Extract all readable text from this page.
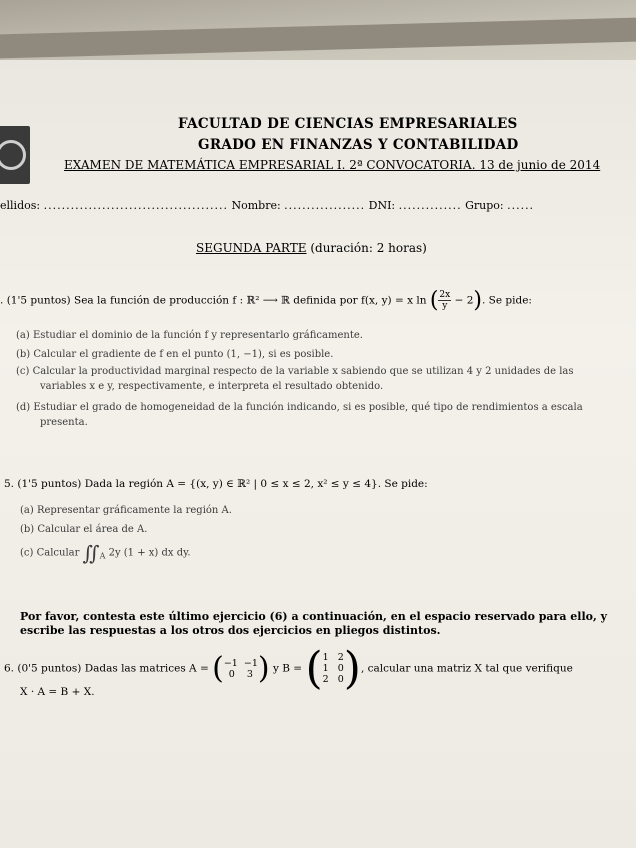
FACULTAD DE CIENCIAS EMPRESARIALES
GRADO EN FINANZAS Y CONTABILIDAD
EXAMEN DE MATEMÁTICA EMPRESARIAL I. 2ª CONVOCATORIA. 13 de junio de 2014
ellidos: ......................................... Nombre: .................. DNI: .............. Grupo: ......
SEGUNDA PARTE (duración: 2 horas)
. (1'5 puntos) Sea la función de producción f : ℝ² ⟶ ℝ definida por f(x, y) = x ln ( $\frac{2x}{y} - 2$). Se pide:
(a) Estudiar el dominio de la función f y representarlo gráficamente.
(b) Calcular el gradiente de f en el punto (1, −1), si es posible.
(c) Calcular la productividad marginal respecto de la variable x sabiendo que se utilizan 4 y 2 unidades de las
variables x e y, respectivamente, e interpreta el resultado obtenido.
(d) Estudiar el grado de homogeneidad de la función indicando, si es posible, qué tipo de rendimientos a escala
presenta.
5. (1'5 puntos) Dada la región A = {(x, y) ∈ ℝ² | 0 ≤ x ≤ 2, x² ≤ y ≤ 4}. Se pide:
(a) Representar gráficamente la región A.
(b) Calcular el área de A.
(c) Calcular $∬_A$ 2y (1 + x) dx dy.
Por favor, contesta este último ejercicio (6) a continuación, en el espacio reservado para ello, y
escribe las respuestas a los otros dos ejercicios en pliegos distintos.
6. (0'5 puntos) Dadas las matrices A = ( −1 −1
0 3 ) y B = ( 1 2
1 0
2 0 ), calcular una matriz X tal que verifique
X · A = B + X.
